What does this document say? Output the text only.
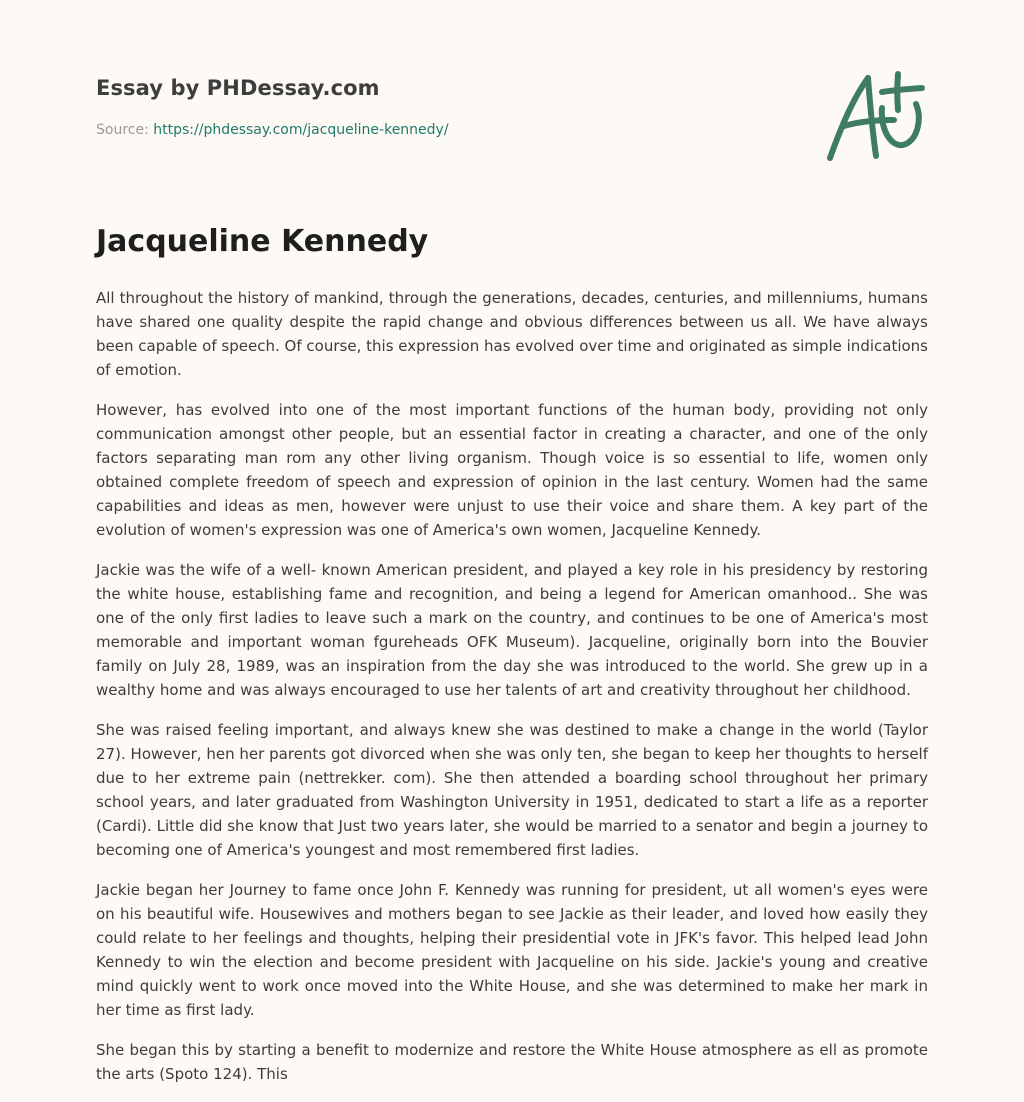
Essay by PHDessay.com
Source: https://phdessay.com/jacqueline-kennedy/
Jacqueline Kennedy

All throughout the history of mankind, through the generations, decades, centuries, and millenniums, humans have shared one quality despite the rapid change and obvious differences between us all. We have always been capable of speech. Of course, this expression has evolved over time and originated as simple indications of emotion.

However, has evolved into one of the most important functions of the human body, providing not only communication amongst other people, but an essential factor in creating a character, and one of the only factors separating man rom any other living organism. Though voice is so essential to life, women only obtained complete freedom of speech and expression of opinion in the last century. Women had the same capabilities and ideas as men, however were unjust to use their voice and share them. A key part of the evolution of women's expression was one of America's own women, Jacqueline Kennedy.

Jackie was the wife of a well- known American president, and played a key role in his presidency by restoring the white house, establishing fame and recognition, and being a legend for American omanhood.. She was one of the only first ladies to leave such a mark on the country, and continues to be one of America's most memorable and important woman fgureheads OFK Museum). Jacqueline, originally born into the Bouvier family on July 28, 1989, was an inspiration from the day she was introduced to the world. She grew up in a wealthy home and was always encouraged to use her talents of art and creativity throughout her childhood.

She was raised feeling important, and always knew she was destined to make a change in the world (Taylor 27). However, hen her parents got divorced when she was only ten, she began to keep her thoughts to herself due to her extreme pain (nettrekker. com). She then attended a boarding school throughout her primary school years, and later graduated from Washington University in 1951, dedicated to start a life as a reporter (Cardi). Little did she know that Just two years later, she would be married to a senator and begin a journey to becoming one of America's youngest and most remembered first ladies.

Jackie began her Journey to fame once John F. Kennedy was running for president, ut all women's eyes were on his beautiful wife. Housewives and mothers began to see Jackie as their leader, and loved how easily they could relate to her feelings and thoughts, helping their presidential vote in JFK's favor. This helped lead John Kennedy to win the election and become president with Jacqueline on his side. Jackie's young and creative mind quickly went to work once moved into the White House, and she was determined to make her mark in her time as first lady.

She began this by starting a benefit to modernize and restore the White House atmosphere as ell as promote the arts (Spoto 124). This
